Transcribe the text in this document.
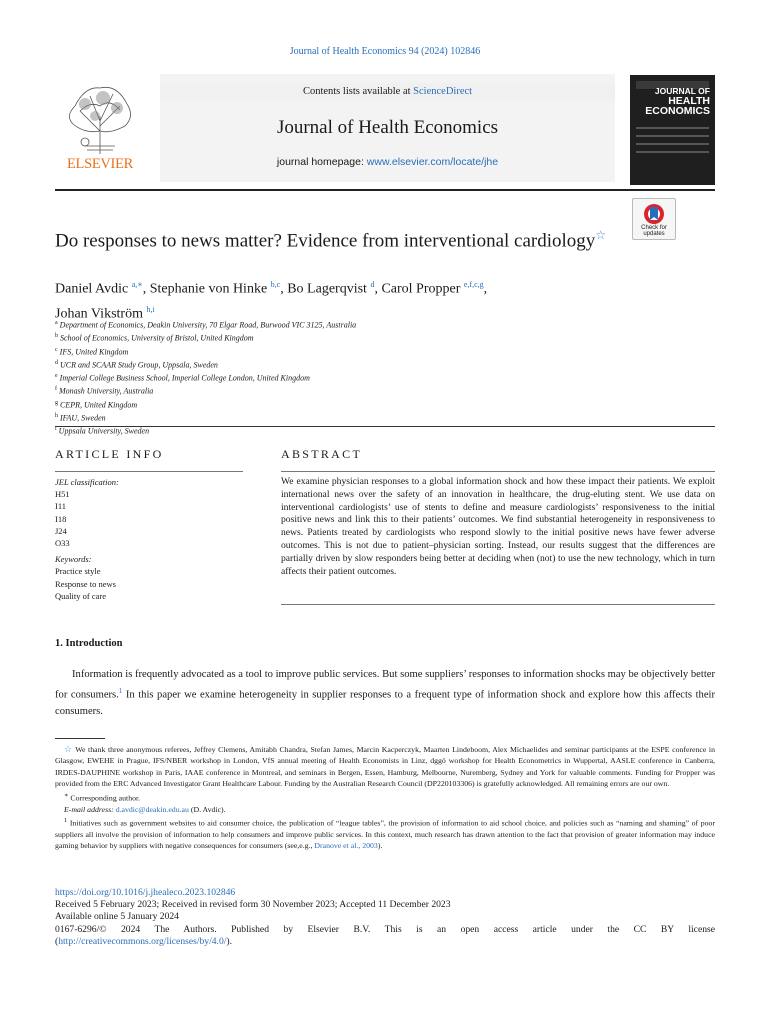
Journal of Health Economics 94 (2024) 102846
ELSEVIER
Contents lists available at ScienceDirect
Journal of Health Economics
journal homepage: www.elsevier.com/locate/jhe
JOURNAL OF
HEALTH
ECONOMICS
Check for updates
Do responses to news matter? Evidence from interventional cardiology☆
Daniel Avdic $^{a,∗}$, Stephanie von Hinke $^{b,c}$, Bo Lagerqvist $^d$, Carol Propper $^{e,f,c,g}$,
Johan Vikström $^{h,i}$
$^a$ Department of Economics, Deakin University, 70 Elgar Road, Burwood VIC 3125, Australia
$^b$ School of Economics, University of Bristol, United Kingdom
$^c$ IFS, United Kingdom
$^d$ UCR and SCAAR Study Group, Uppsala, Sweden
$^e$ Imperial College Business School, Imperial College London, United Kingdom
$^f$ Monash University, Australia
$^g$ CEPR, United Kingdom
$^h$ IFAU, Sweden
$^i$ Uppsala University, Sweden
ARTICLE INFO	ABSTRACT
JEL classification:
H51
I11
I18
J24
O33
Keywords:
Practice style
Response to news
Quality of care
We examine physician responses to a global information shock and how these impact their patients. We exploit international news over the safety of an innovation in healthcare, the drug-eluting stent. We use data on interventional cardiologists’ use of stents to define and measure cardiologists’ responsiveness to the initial positive news and link this to their patients’ outcomes. We find substantial heterogeneity in responsiveness to news. Patients treated by cardiologists who respond slowly to the initial positive news have fewer adverse outcomes. This is not due to patient–physician sorting. Instead, our results suggest that the differences are partially driven by slow responders being better at deciding when (not) to use the new technology, which in turn affects their patient outcomes.
1. Introduction
Information is frequently advocated as a tool to improve public services. But some suppliers’ responses to information shocks may be objectively better for consumers.$^1$ In this paper we examine heterogeneity in supplier responses to a frequent type of information shock and explore how this affects their consumers.

☆ We thank three anonymous referees, Jeffrey Clemens, Amitabh Chandra, Stefan James, Marcin Kacperczyk, Maarten Lindeboom, Alex Michaelides and seminar participants at the ESPE conference in Glasgow, EWEHE in Prague, IFS/NBER workshop in London, VfS annual meeting of Health Economists in Linz, dggö workshop for Health Econometrics in Wuppertal, AASLE conference in Canberra, IRDES-DAUPHINE workshop in Paris, IAAE conference in Montreal, and seminars in Bergen, Essen, Hamburg, Melbourne, Nuremberg, Sydney and York for valuable comments. Funding for Propper was provided from the ERC Advanced Investigator Grant Healthcare Labour. Funding by the Australian Research Council (DP220103306) is gratefully acknowledged. All remaining errors are our own.

∗ Corresponding author.

E-mail address: d.avdic@deakin.edu.au (D. Avdic).

$^1$ Initiatives such as government websites to aid consumer choice, the publication of “league tables”, the provision of information to aid school choice, and policies such as “naming and shaming” of poor suppliers all involve the provision of information to help consumers and improve public services. In this context, much research has drawn attention to the fact that provision of greater information may induce gaming behavior by suppliers with negative consequences for consumers (see,e.g., Dranove et al., 2003).

https://doi.org/10.1016/j.jhealeco.2023.102846
Received 5 February 2023; Received in revised form 30 November 2023; Accepted 11 December 2023
Available online 5 January 2024
0167-6296/© 2024 The Authors. Published by Elsevier B.V. This is an open access article under the CC BY license
(http://creativecommons.org/licenses/by/4.0/).
